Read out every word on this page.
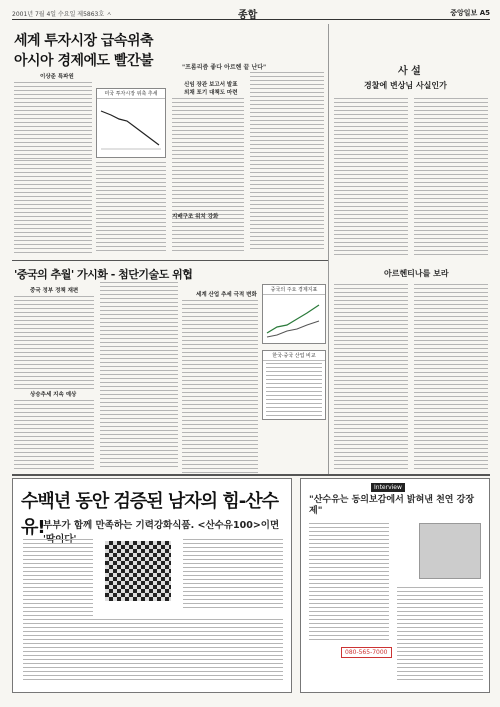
2001년 7월 4일 수요일 제5863호 ㅅ	종합	중앙일보 A5
세계 투자시장 급속위축
아시아 경제에도 빨간불
이상준 특파원
미국 투자시장 위축 추세
"프롬리즘 좋다 아르헨 끝 난다"
신임 장관 보고서 발표
외채 포기 대책도 마련
지배구조 워치 강화
사 설
경찰에 변상님 사실인가
아르헨티나를 보라
'중국의 추월' 가시화 - 첨단기술도 위협
중국 정부 정책 재편
상승추세 지속 예상
세계 산업 추세 극적 변화
중국의 주요 경제지표
한국·중국 산업 비교
수백년 동안 검증된 남자의 힘-산수유!
부부가 함께 만족하는 기력강화식품. <산수유100>이면
Interview
"산수유는 동의보감에서 밝혀낸 천연 강장제"
080-565-7000
